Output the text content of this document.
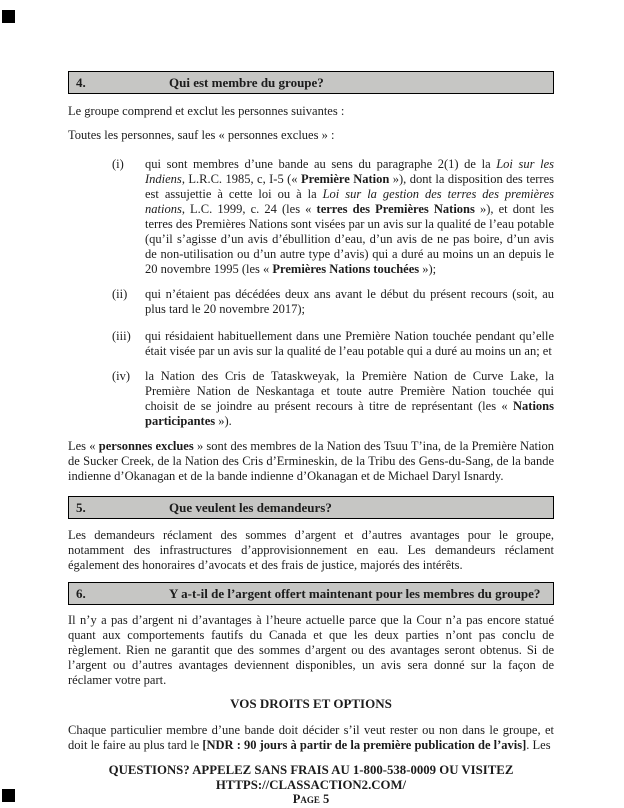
4.	Qui est membre du groupe?

Le groupe comprend et exclut les personnes suivantes :

Toutes les personnes, sauf les « personnes exclues » :

(i)	qui sont membres d’une bande au sens du paragraphe 2(1) de la Loi sur les Indiens, L.R.C. 1985, c, I-5 (« Première Nation »), dont la disposition des terres est assujettie à cette loi ou à la Loi sur la gestion des terres des premières nations, L.C. 1999, c. 24 (les « terres des Premières Nations »), et dont les terres des Premières Nations sont visées par un avis sur la qualité de l’eau potable (qu’il s’agisse d’un avis d’ébullition d’eau, d’un avis de ne pas boire, d’un avis de non-utilisation ou d’un autre type d’avis) qui a duré au moins un an depuis le 20 novembre 1995 (les « Premières Nations touchées »);
(ii)	qui n’étaient pas décédées deux ans avant le début du présent recours (soit, au plus tard le 20 novembre 2017);
(iii)	qui résidaient habituellement dans une Première Nation touchée pendant qu’elle était visée par un avis sur la qualité de l’eau potable qui a duré au moins un an; et
(iv)	la Nation des Cris de Tataskweyak, la Première Nation de Curve Lake, la Première Nation de Neskantaga et toute autre Première Nation touchée qui choisit de se joindre au présent recours à titre de représentant (les « Nations participantes »).

Les « personnes exclues » sont des membres de la Nation des Tsuu T’ina, de la Première Nation de Sucker Creek, de la Nation des Cris d’Ermineskin, de la Tribu des Gens-du-Sang, de la bande indienne d’Okanagan et de la bande indienne d’Okanagan et de Michael Daryl Isnardy.

5.	Que veulent les demandeurs?

Les demandeurs réclament des sommes d’argent et d’autres avantages pour le groupe, notamment des infrastructures d’approvisionnement en eau. Les demandeurs réclament également des honoraires d’avocats et des frais de justice, majorés des intérêts.

6.	Y a-t-il de l’argent offert maintenant pour les membres du groupe?

Il n’y a pas d’argent ni d’avantages à l’heure actuelle parce que la Cour n’a pas encore statué quant aux comportements fautifs du Canada et que les deux parties n’ont pas conclu de règlement. Rien ne garantit que des sommes d’argent ou des avantages seront obtenus. Si de l’argent ou d’autres avantages deviennent disponibles, un avis sera donné sur la façon de réclamer votre part.

VOS DROITS ET OPTIONS

Chaque particulier membre d’une bande doit décider s’il veut rester ou non dans le groupe, et doit le faire au plus tard le [NDR : 90 jours à partir de la première publication de l’avis]. Les

QUESTIONS? APPELEZ SANS FRAIS AU 1-800-538-0009 OU VISITEZ
HTTPS://CLASSACTION2.COM/
Page 5
